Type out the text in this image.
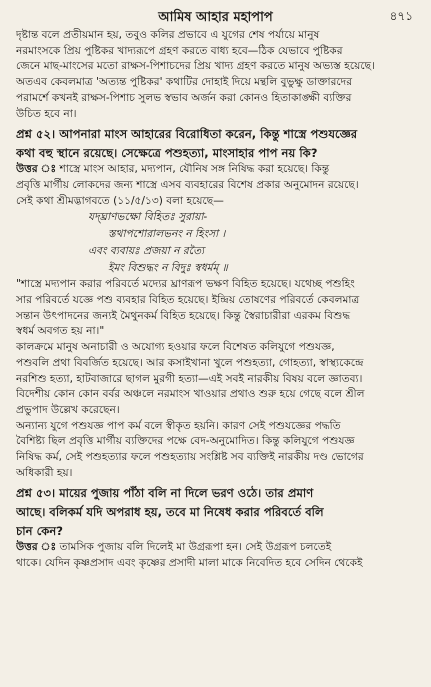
আমিষ আহার মহাপাপ	৪৭১
দৃষ্টান্ত বলে প্রতীয়মান হয়, তবুও কলির প্রভাবে এ যুগের শেষ পর্যায়ে মানুষ
নরমাংসকে প্রিয় পুষ্টিকর খাদ্যরূপে গ্রহণ করতে বাধ্য হবে—ঠিক যেভাবে পুষ্টিকর
জেনে মাছ-মাংসের মতো রাক্ষস-পিশাচদের প্রিয় খাদ্য গ্রহণ করতে মানুষ অভ্যস্ত হয়েছে।
অতএব কেবলমাত্র 'অত্যন্ত পুষ্টিকর' কথাটির দোহাই দিয়ে মন্থলি বুভুক্ষু ডাক্তারদের
পরামর্শে কখনই রাক্ষস-পিশাচ সুলভ স্বভাব অর্জন করা কোনও হিতাকাঙ্ক্ষী ব্যক্তির
উচিত হবে না।
প্রশ্ন ৫২। আপনারা মাংস আহারের বিরোধিতা করেন, কিন্তু শাস্ত্রে পশুযজ্ঞের
কথা বহু স্থানে রয়েছে। সেক্ষেত্রে পশুহত্যা, মাংসাহার পাপ নয় কি?
উত্তর ঃ শাস্ত্রে মাংস আহার, মদ্যপান, যৌনিষ সঙ্গ নিষিদ্ধ করা হয়েছে। কিন্তু
প্রবৃত্তি মার্গীয় লোকদের জন্য শাস্ত্রে এসব ব্যবহারের বিশেষ প্রকার অনুমোদন রয়েছে।
সেই কথা শ্রীমদ্ভাগবতে (১১/৫/১৩) বলা হয়েছে—
যদ্ঘ্রাণভক্ষো বিহিতঃ সুরায়া-
স্তথাপশোরালভনং ন হিংসা ।
এবং ব্যবায়ঃ প্রজয়া ন রত্যৈ
ইমং বিশুদ্ধং ন বিদুঃ স্বধর্মম্ ॥
"শাস্ত্রে মদ্যপান করার পরিবর্তে মদ্যের ঘ্রাণরূপ ভক্ষণ বিহিত হয়েছে। যথেচ্ছ পশুহিং
সার পরিবর্তে যজ্ঞে পশু ব্যবহার বিহিত হয়েছে। ইন্দ্রিয় তোষণের পরিবর্তে কেবলমাত্র
সন্তান উৎপাদনের জন্যই মৈথুনকর্ম বিহিত হয়েছে। কিন্তু স্বৈরাচারীরা এরকম বিশুদ্ধ
স্বধর্ম অবগত হয় না।"
কালক্রমে মানুষ অনাচারী ও অযোগ্য হওয়ার ফলে বিশেষত কলিযুগে পশুযজ্ঞ,
পশুবলি প্রথা বিবর্জিত হয়েছে। আর কসাইখানা খুলে পশুহত্যা, গোহত্যা, স্বাস্থ্যকেন্দ্রে
নরশিশু হত্যা, হাটবাজারে ছাগল মুরগী হত্যা—এই সবই নারকীয় বিষয় বলে জ্ঞাতব্য।
বিদেশীয় কোন কোন বর্বর অঞ্চলে নরমাংস খাওয়ার প্রথাও শুরু হয়ে গেছে বলে শ্রীল
প্রভুপাদ উল্লেখ করেছেন।
অন্যান্য যুগে পশুযজ্ঞ পাপ কর্ম বলে স্বীকৃত হয়নি। কারণ সেই পশুযজ্ঞের পদ্ধতি
বৈশিষ্ট্য ছিল প্রবৃত্তি মার্গীয় ব্যক্তিদের পক্ষে বেদ-অনুমোদিত। কিন্তু কলিযুগে পশুযজ্ঞ
নিষিদ্ধ কর্ম, সেই পশুহত্যার ফলে পশুহত্যায় সংশ্লিষ্ট সব ব্যক্তিই নারকীয় দণ্ড ভোগের
অধিকারী হয়।
প্রশ্ন ৫৩। মায়ের পুজায় পাঁঠা বলি না দিলে ভরণ ওঠে। তার প্রমাণ
আছে। বলিকর্ম যদি অপরাধ হয়, তবে মা নিষেধ করার পরিবর্তে বলি
চান কেন?
উত্তর ঃ তামসিক পুজায় বলি দিলেই মা উগ্ররূপা হন। সেই উগ্ররূপ চলতেই
থাকে। যেদিন কৃষ্ণপ্রসাদ এবং কৃষ্ণের প্রসাদী মালা মাকে নিবেদিত হবে সেদিন থেকেই
